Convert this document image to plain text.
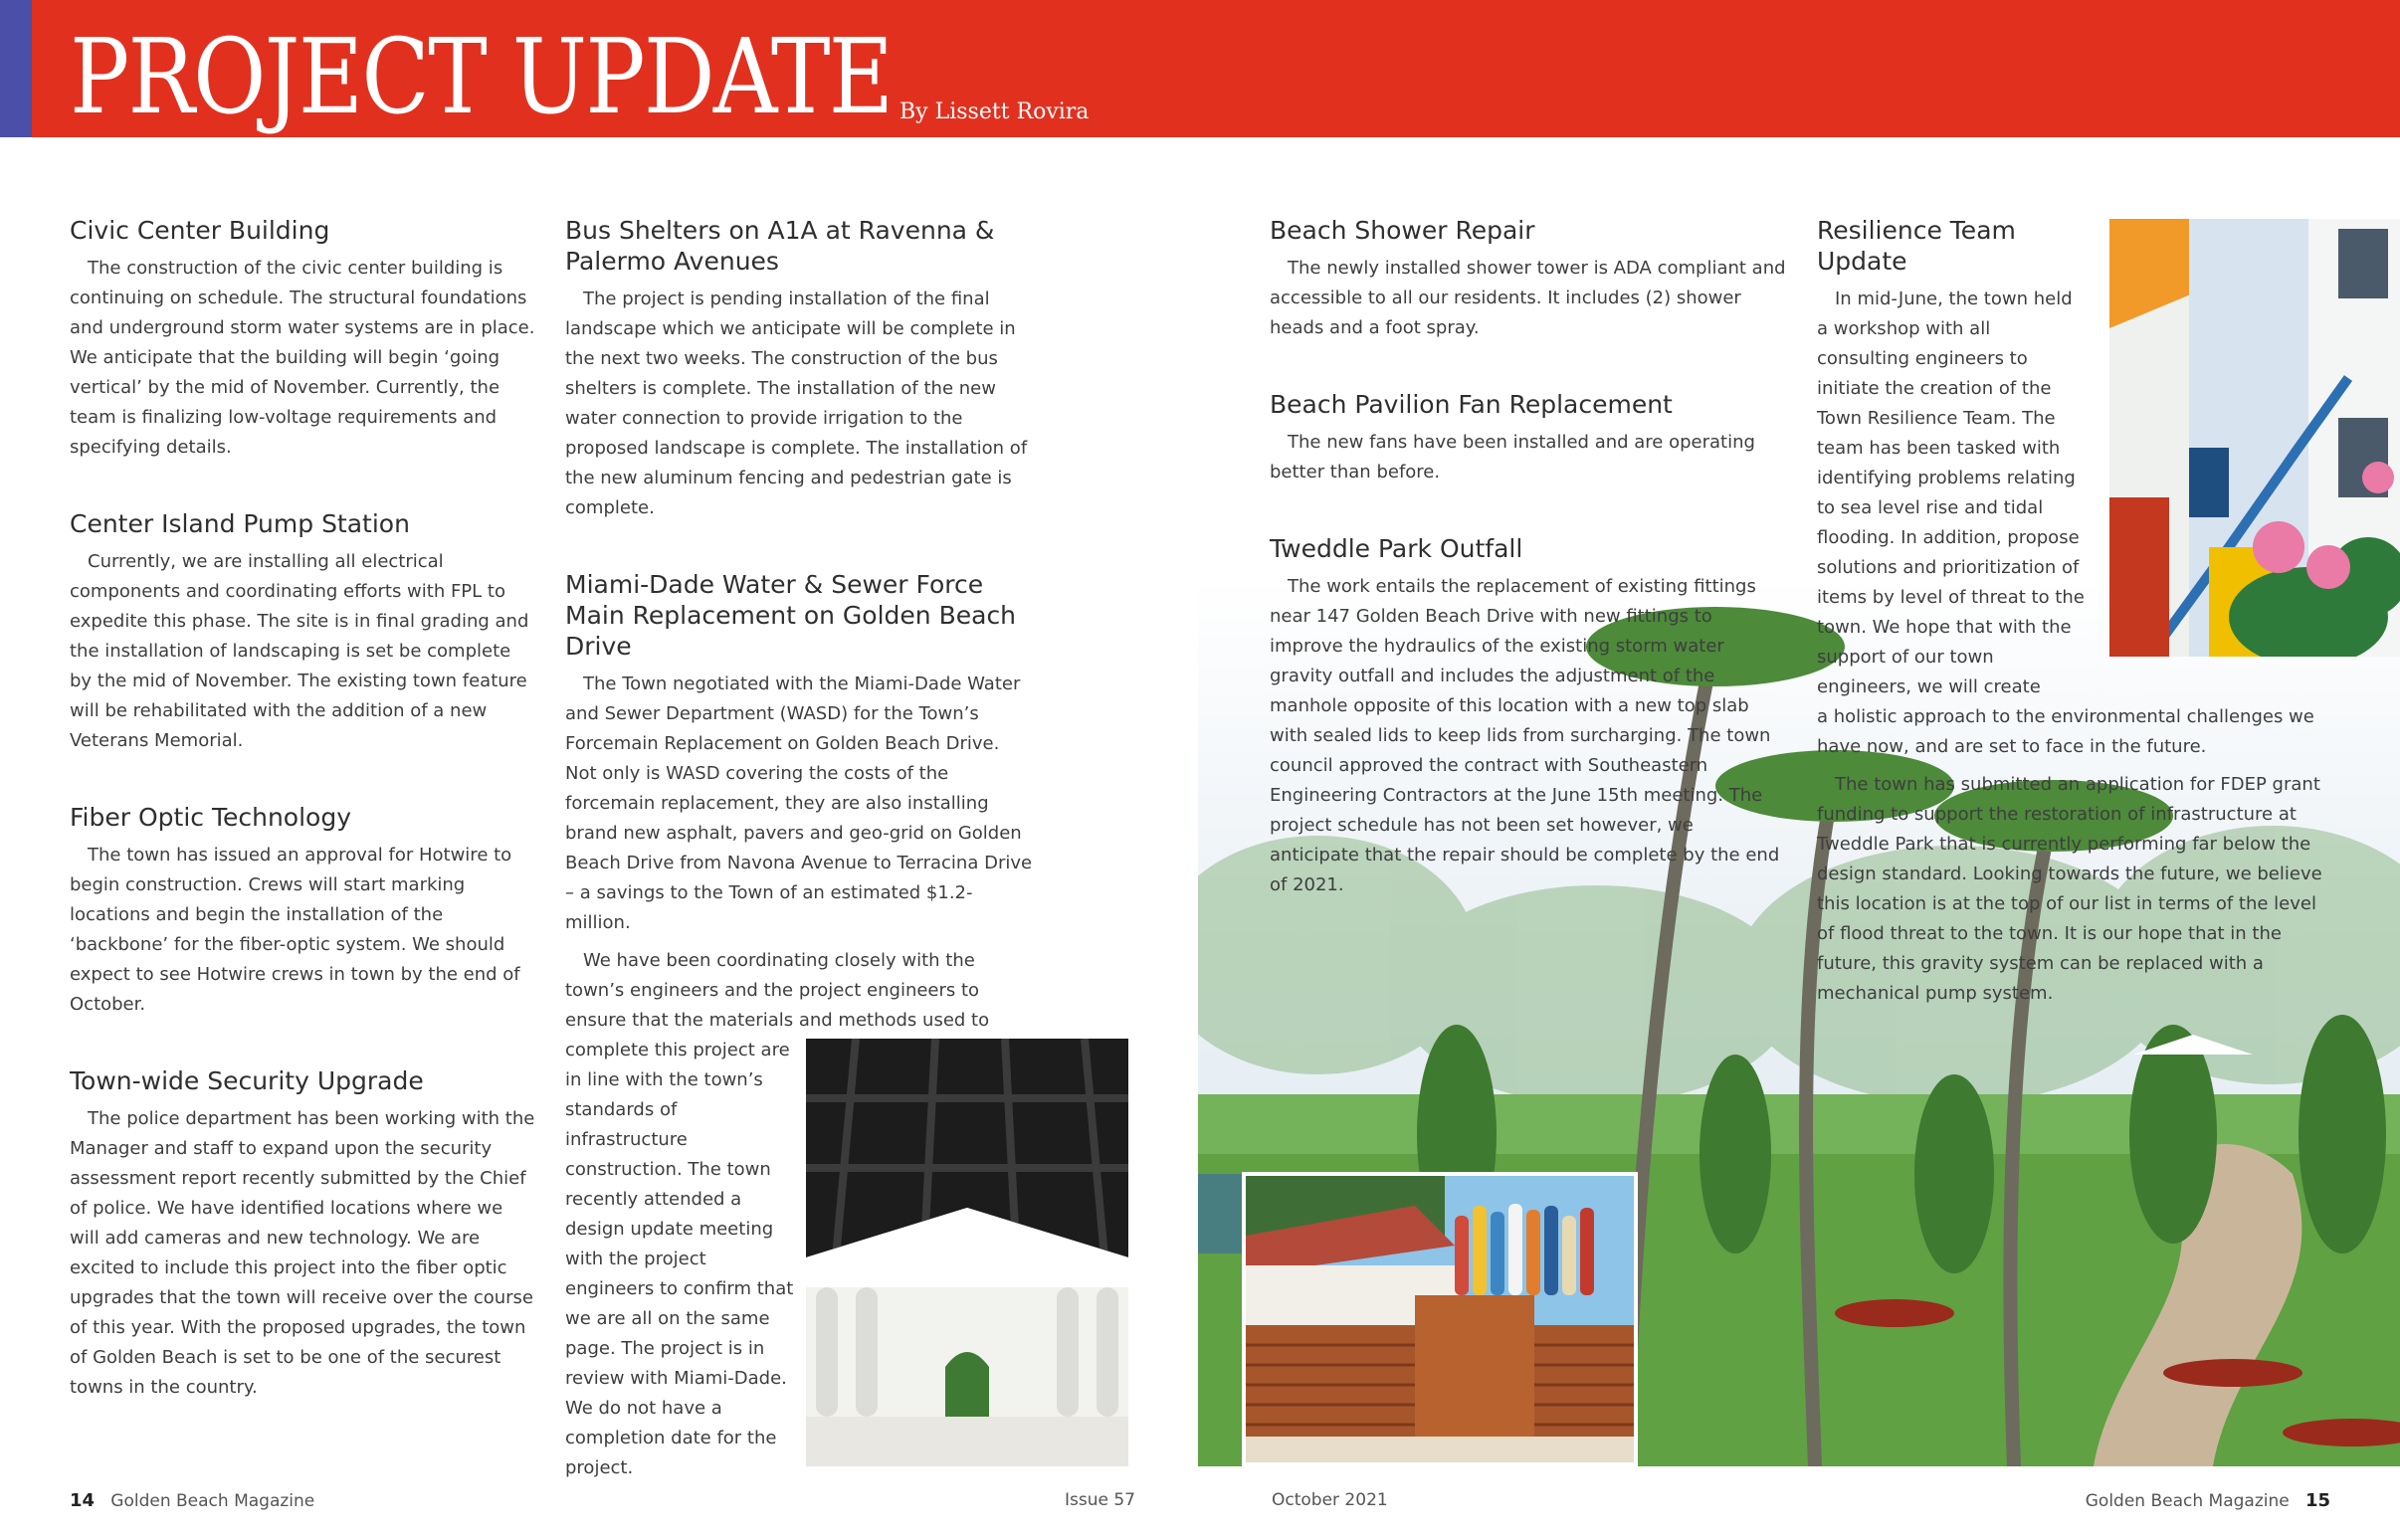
PROJECT UPDATE By Lissett Rovira
Civic Center Building

The construction of the civic center building is continuing on schedule. The structural foundations and underground storm water systems are in place. We anticipate that the building will begin ‘going vertical’ by the mid of November. Currently, the team is finalizing low-voltage requirements and specifying details.

Center Island Pump Station

Currently, we are installing all electrical components and coordinating efforts with FPL to expedite this phase. The site is in final grading and the installation of landscaping is set be complete by the mid of November. The existing town feature will be rehabilitated with the addition of a new Veterans Memorial.

Fiber Optic Technology

The town has issued an approval for Hotwire to begin construction. Crews will start marking locations and begin the installation of the ‘backbone’ for the fiber-optic system. We should expect to see Hotwire crews in town by the end of October.

Town-wide Security Upgrade

The police department has been working with the Manager and staff to expand upon the security assessment report recently submitted by the Chief of police. We have identified locations where we will add cameras and new technology. We are excited to include this project into the fiber optic upgrades that the town will receive over the course of this year. With the proposed upgrades, the town of Golden Beach is set to be one of the securest towns in the country.

Bus Shelters on A1A at Ravenna & Palermo Avenues

The project is pending installation of the final landscape which we anticipate will be complete in the next two weeks. The construction of the bus shelters is complete. The installation of the new water connection to provide irrigation to the proposed landscape is complete. The installation of the new aluminum fencing and pedestrian gate is complete.

Miami-Dade Water & Sewer Force Main Replacement on Golden Beach Drive

The Town negotiated with the Miami-Dade Water and Sewer Department (WASD) for the Town’s Forcemain Replacement on Golden Beach Drive. Not only is WASD covering the costs of the forcemain replacement, they are also installing brand new asphalt, pavers and geo-grid on Golden Beach Drive from Navona Avenue to Terracina Drive – a savings to the Town of an estimated $1.2-million.

We have been coordinating closely with the town’s engineers and the project engineers to ensure that the materials and methods used to complete this project are

in line with the town’s standards of infrastructure construction. The town recently attended a design update meeting with the project engineers to confirm that we are all on the same page. The project is in review with Miami-Dade. We do not have a completion date for the project.

Beach Shower Repair

The newly installed shower tower is ADA compliant and accessible to all our residents. It includes (2) shower heads and a foot spray.

Beach Pavilion Fan Replacement

The new fans have been installed and are operating better than before.

Tweddle Park Outfall

The work entails the replacement of existing fittings near 147 Golden Beach Drive with new fittings to improve the hydraulics of the existing storm water gravity outfall and includes the adjustment of the manhole opposite of this location with a new top slab with sealed lids to keep lids from surcharging. The town council approved the contract with Southeastern Engineering Contractors at the June 15th meeting. The project schedule has not been set however, we anticipate that the repair should be complete by the end of 2021.

Resilience Team Update

In mid-June, the town held a workshop with all consulting engineers to initiate the creation of the Town Resilience Team. The team has been tasked with identifying problems relating to sea level rise and tidal flooding. In addition, propose solutions and prioritization of items by level of threat to the town. We hope that with the support of our town engineers, we will create

a holistic approach to the environmental challenges we have now, and are set to face in the future.

The town has submitted an application for FDEP grant funding to support the restoration of infrastructure at Tweddle Park that is currently performing far below the design standard. Looking towards the future, we believe this location is at the top of our list in terms of the level of flood threat to the town. It is our hope that in the future, this gravity system can be replaced with a mechanical pump system.

14 Golden Beach Magazine	Issue 57	October 2021	Golden Beach Magazine 15
